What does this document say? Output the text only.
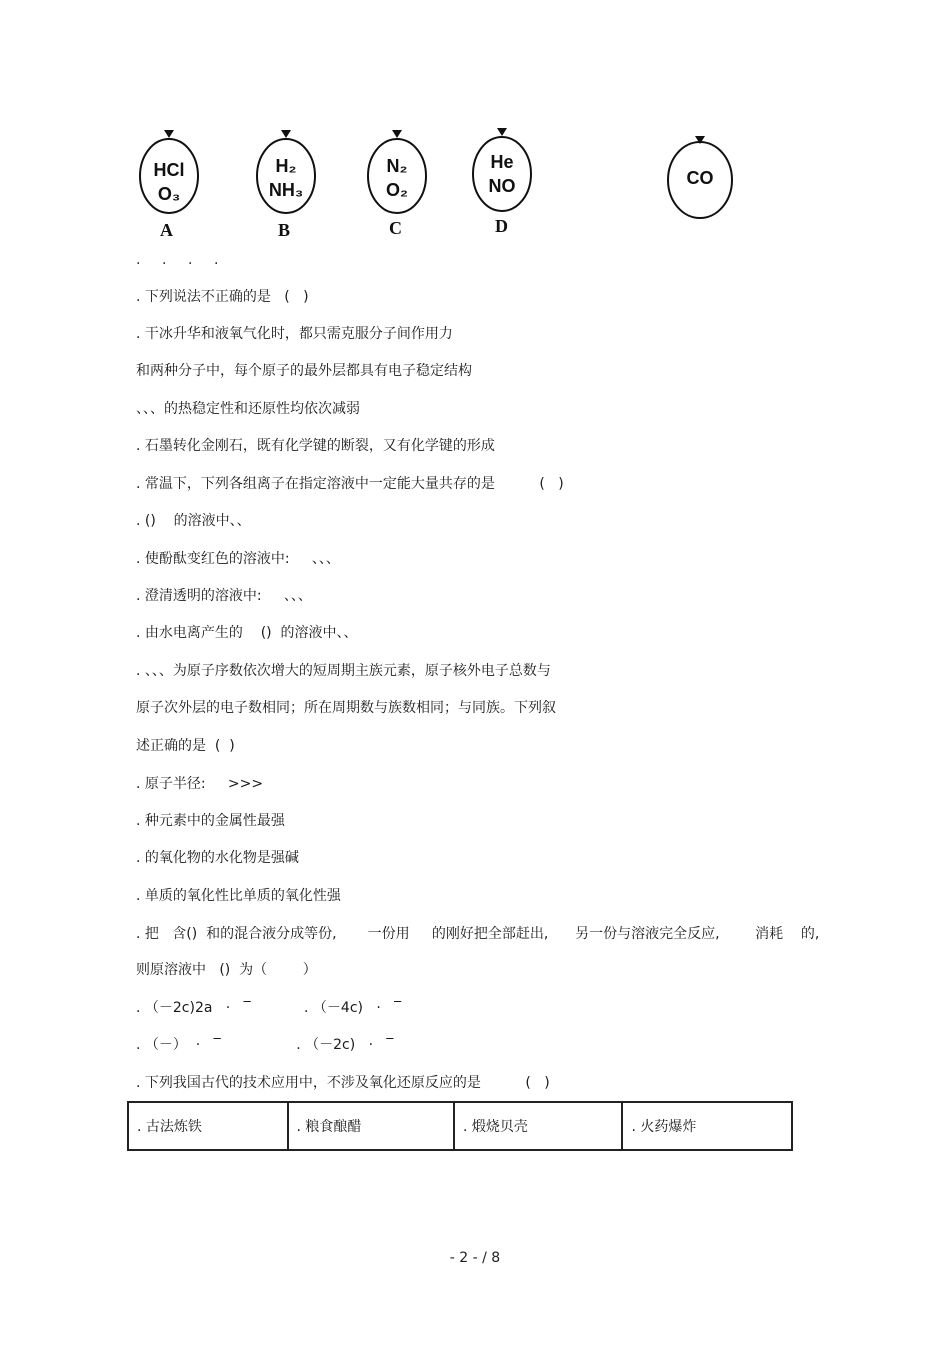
HCl
O₃
A
H₂
NH₃
B
N₂
O₂
C
He
NO
D
CO
. . . .
. 下列说法不正确的是   (   )
. 干冰升华和液氧气化时，都只需克服分子间作用力
和两种分子中，每个原子的最外层都具有电子稳定结构
、、、的热稳定性和还原性均依次减弱
. 石墨转化金刚石，既有化学键的断裂，又有化学键的形成
. 常温下，下列各组离子在指定溶液中一定能大量共存的是          (   )
. ()    的溶液中、、
. 使酚酞变红色的溶液中:     、、、
. 澄清透明的溶液中:     、、、
. 由水电离产生的    ()  的溶液中、、
. 、、、为原子序数依次增大的短周期主族元素，原子核外电子总数与
原子次外层的电子数相同；所在周期数与族数相同；与同族。下列叙
述正确的是  (  )
. 原子半径:     >>>
. 种元素中的金属性最强
. 的氧化物的水化物是强碱
. 单质的氧化性比单质的氧化性强
. 把   含()  和的混合液分成等份,       一份用     的刚好把全部赶出,      另一份与溶液完全反应,        消耗    的,
则原溶液中   ()  为（        ）
. （－2c)2a   ·   ‾            . （－4c)   ·   ‾
. （－）  ·   ‾                 . （－2c)   ·   ‾
. 下列我国古代的技术应用中，不涉及氧化还原反应的是          (   )
. 古法炼铁	. 粮食酿醋	. 煅烧贝壳	. 火药爆炸
- 2 - / 8
